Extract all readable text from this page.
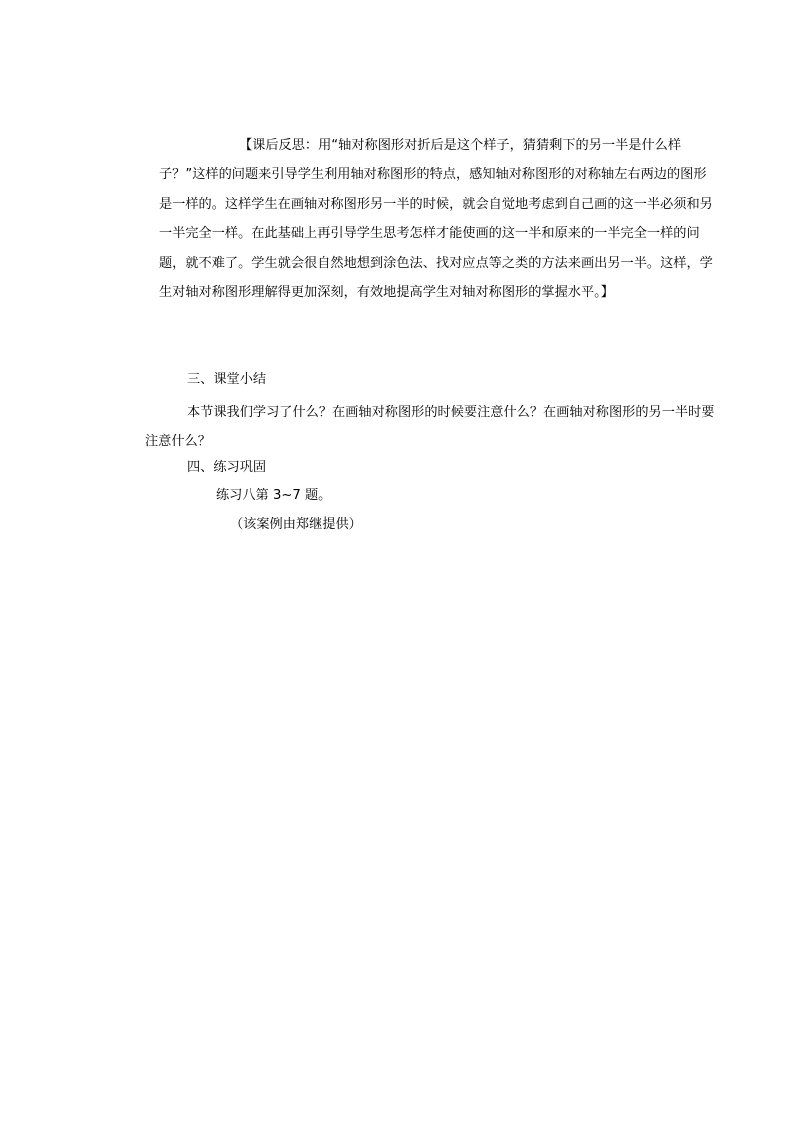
【课后反思：用“轴对称图形对折后是这个样子，猜猜剩下的另一半是什么样子？”这样的问题来引导学生利用轴对称图形的特点，感知轴对称图形的对称轴左右两边的图形是一样的。这样学生在画轴对称图形另一半的时候，就会自觉地考虑到自己画的这一半必须和另一半完全一样。在此基础上再引导学生思考怎样才能使画的这一半和原来的一半完全一样的问题，就不难了。学生就会很自然地想到涂色法、找对应点等之类的方法来画出另一半。这样，学生对轴对称图形理解得更加深刻，有效地提高学生对轴对称图形的掌握水平。】

三、课堂小结

本节课我们学习了什么？在画轴对称图形的时候要注意什么？在画轴对称图形的另一半时要注意什么？

四、练习巩固

练习八第 3~7 题。

（该案例由郑继提供）
